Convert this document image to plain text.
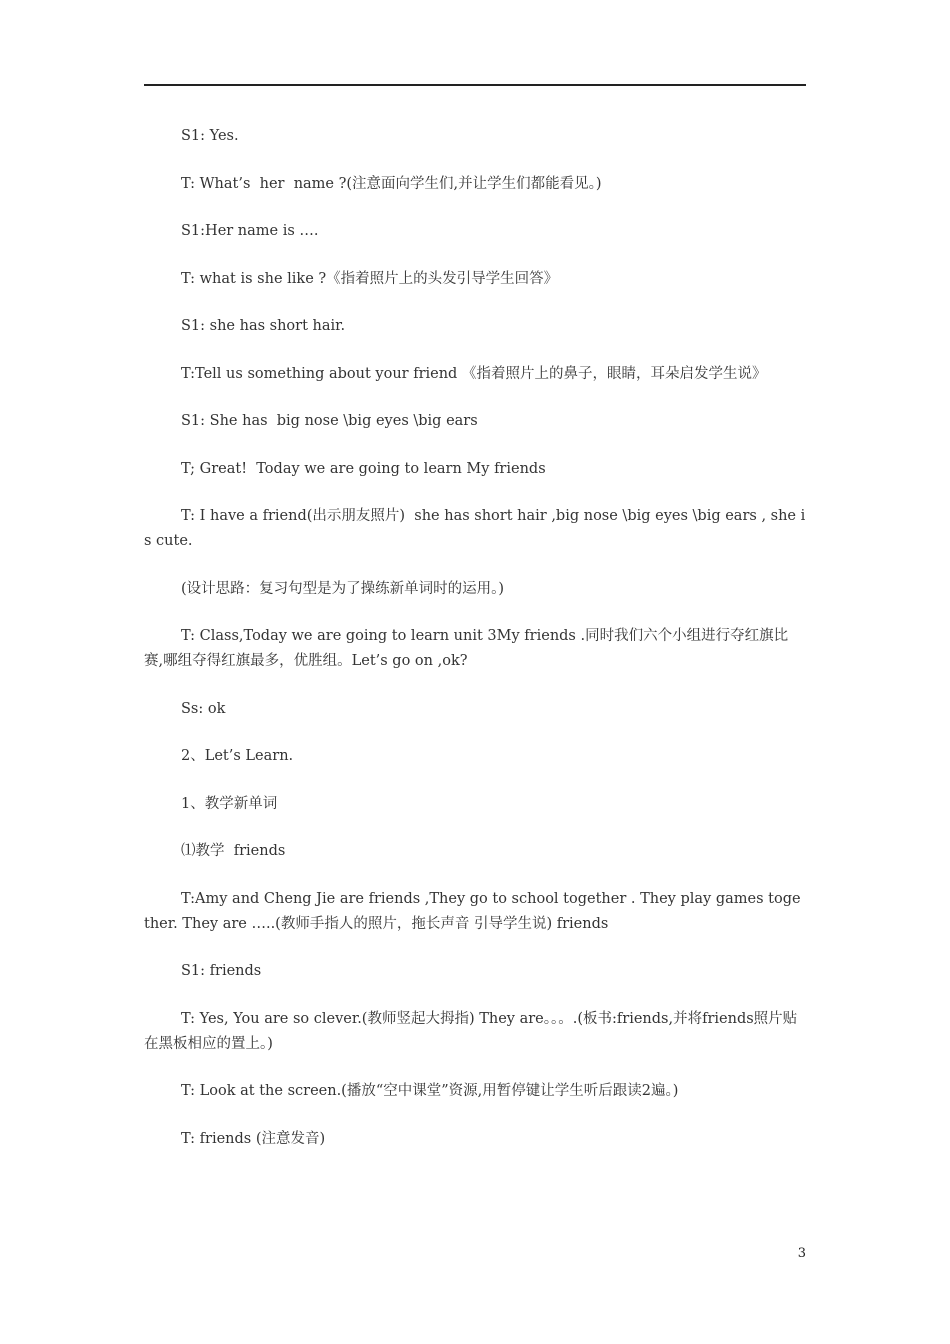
S1: Yes.

T: What’s  her  name ?(注意面向学生们,并让学生们都能看见。)

S1:Her name is ….

T: what is she like ?《指着照片上的头发引导学生回答》

S1: she has short hair.

T:Tell us something about your friend 《指着照片上的鼻子，眼睛，耳朵启发学生说》

S1: She has  big nose \big eyes \big ears

T; Great!  Today we are going to learn My friends

T: I have a friend(出示朋友照片)  she has short hair ,big nose \big eyes \big ears , she is cute.

(设计思路：复习句型是为了操练新单词时的运用。)

T: Class,Today we are going to learn unit 3My friends .同时我们六个小组进行夺红旗比赛,哪组夺得红旗最多，优胜组。Let’s go on ,ok?

Ss: ok

2、Let’s Learn.

1、教学新单词

⑴教学  friends

T:Amy and Cheng Jie are friends ,They go to school together . They play games together. They are …..(教师手指人的照片，拖长声音 引导学生说) friends

S1: friends

T: Yes, You are so clever.(教师竖起大拇指) They are。。。.(板书:friends,并将friends照片贴在黑板相应的置上。)

T: Look at the screen.(播放“空中课堂”资源,用暂停键让学生听后跟读2遍。)

T: friends (注意发音)

3
